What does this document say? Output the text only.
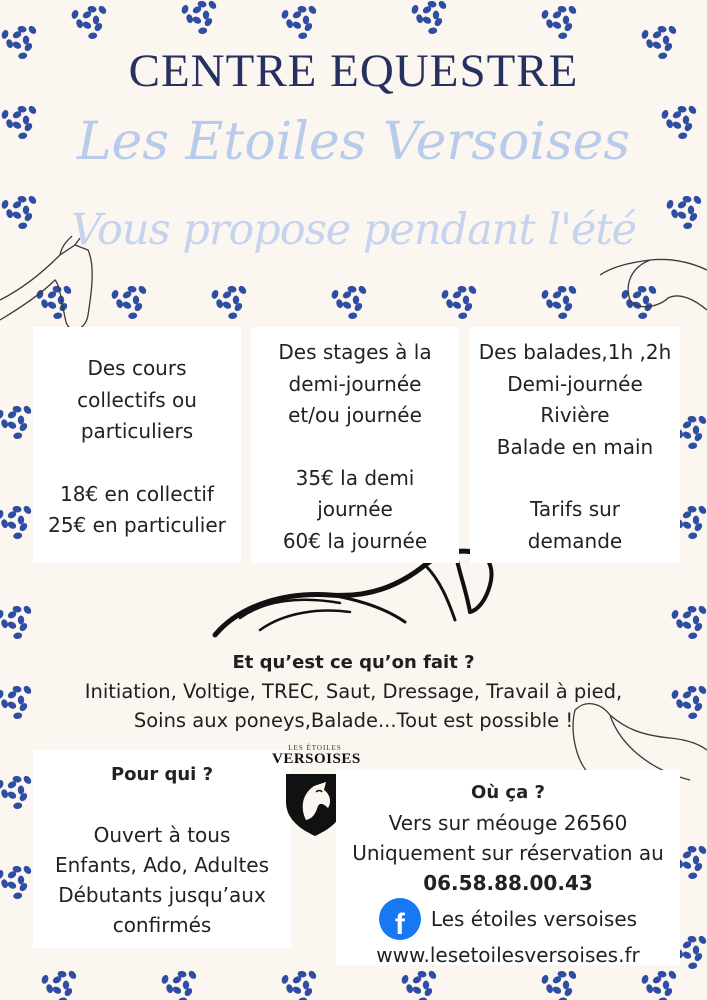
CENTRE EQUESTRE
Les Etoiles Versoises
Vous propose pendant l'été

Des cours

collectifs ou

particuliers

18€ en collectif

25€ en particulier

Des stages à la

demi-journée

et/ou journée

35€ la demi

journée

60€ la journée

Des balades,1h ,2h

Demi-journée

Rivière

Balade en main

Tarifs sur

demande

Et qu’est ce qu’on fait ?
Initiation, Voltige, TREC, Saut, Dressage, Travail à pied,
Soins aux poneys,Balade...Tout est possible !

Pour qui ?

Ouvert à tous

Enfants, Ado, Adultes

Débutants jusqu’aux

confirmés

LES ÉTOILES
VERSOISES

Où ça ?

Vers sur méouge 26560

Uniquement sur réservation au

06.58.88.00.43

f	Les étoiles versoises

www.lesetoilesversoises.fr
